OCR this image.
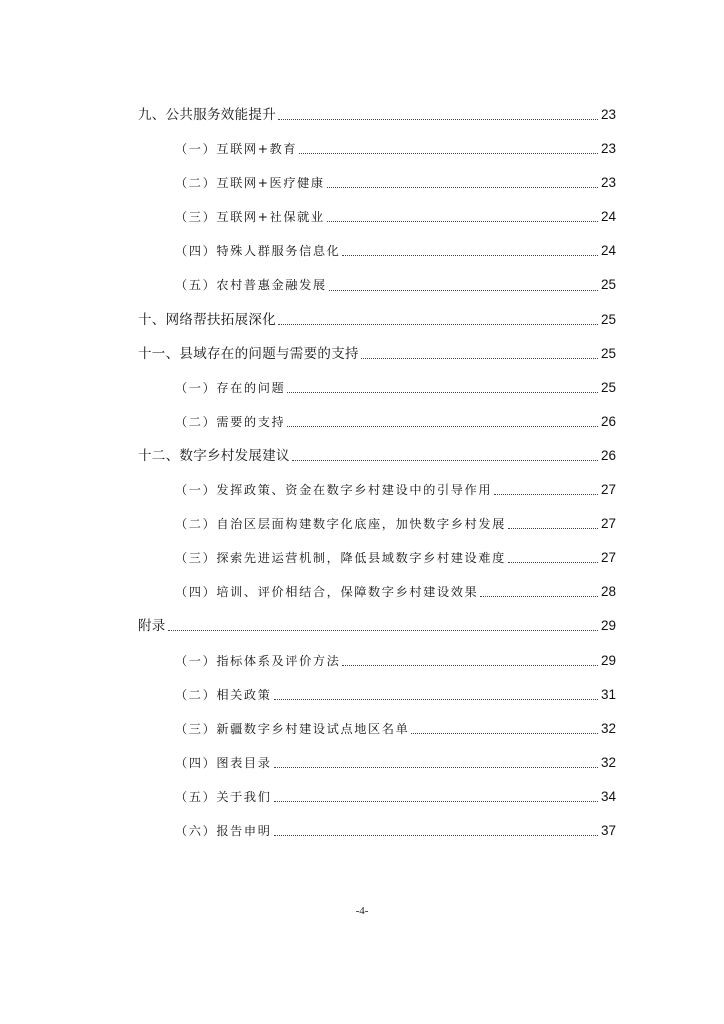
九、公共服务效能提升	23
（一）互联网+教育	23
（二）互联网+医疗健康	23
（三）互联网+社保就业	24
（四）特殊人群服务信息化	24
（五）农村普惠金融发展	25
十、网络帮扶拓展深化	25
十一、县域存在的问题与需要的支持	25
（一）存在的问题	25
（二）需要的支持	26
十二、数字乡村发展建议	26
（一）发挥政策、资金在数字乡村建设中的引导作用	27
（二）自治区层面构建数字化底座，加快数字乡村发展	27
（三）探索先进运营机制，降低县域数字乡村建设难度	27
（四）培训、评价相结合，保障数字乡村建设效果	28
附录	29
（一）指标体系及评价方法	29
（二）相关政策	31
（三）新疆数字乡村建设试点地区名单	32
（四）图表目录	32
（五）关于我们	34
（六）报告申明	37
-4-
